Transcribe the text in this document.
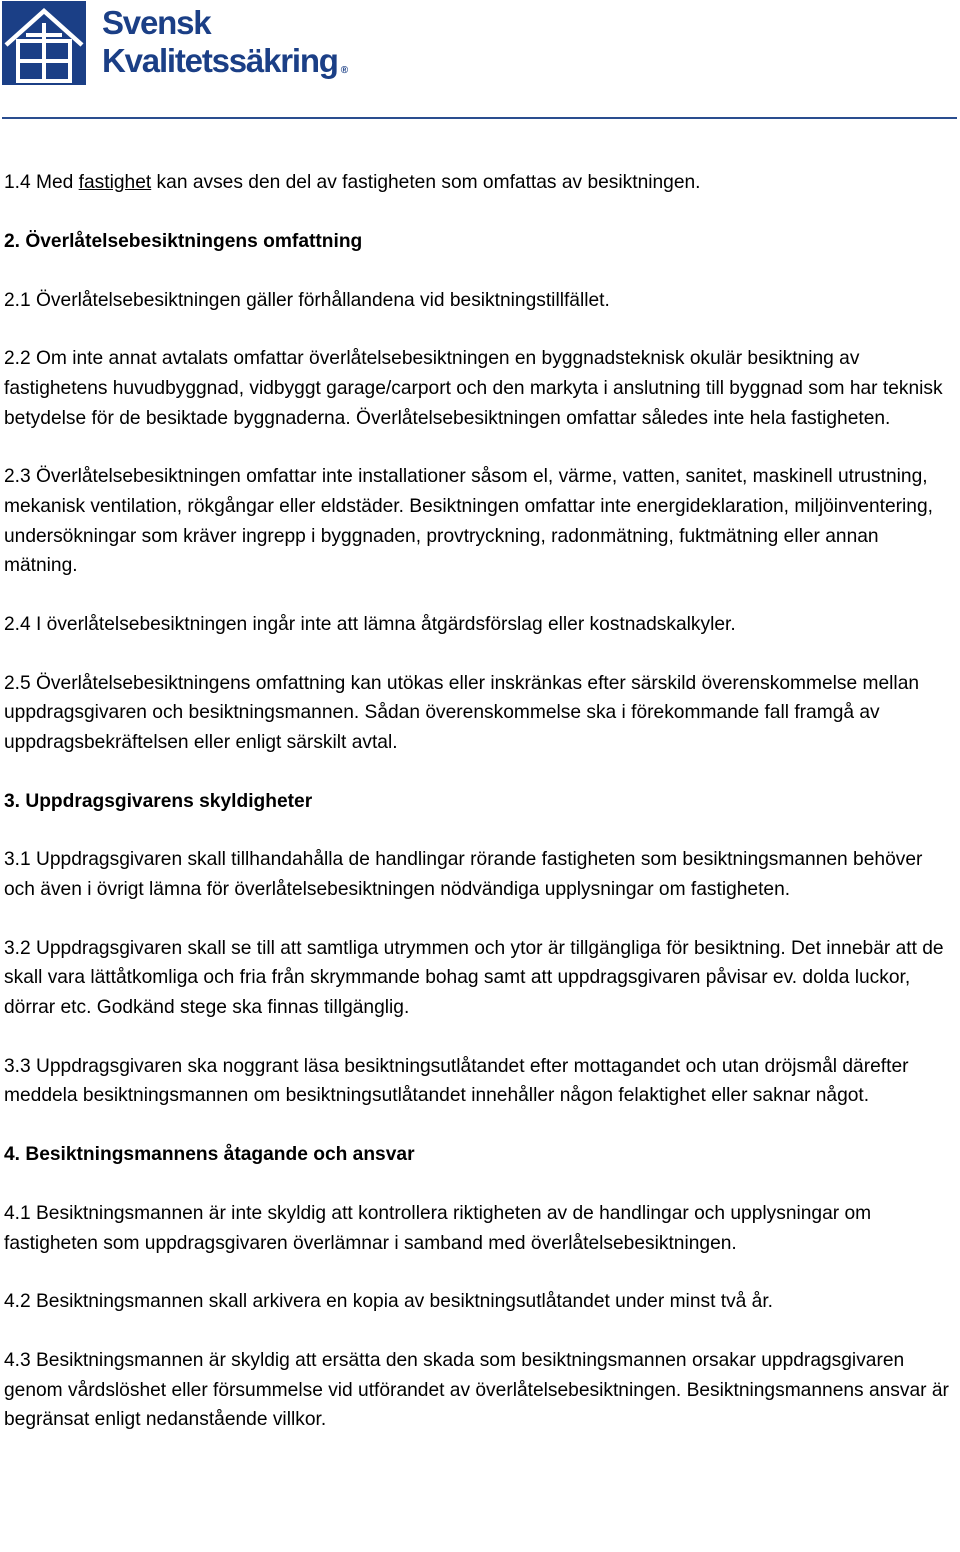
Svensk
Kvalitetssäkring ®

1.4 Med fastighet kan avses den del av fastigheten som omfattas av besiktningen.

2. Överlåtelsebesiktningens omfattning

2.1 Överlåtelsebesiktningen gäller förhållandena vid besiktningstillfället.

2.2 Om inte annat avtalats omfattar överlåtelsebesiktningen en byggnadsteknisk okulär besiktning av fastighetens huvudbyggnad, vidbyggt garage/carport och den markyta i anslutning till byggnad som har teknisk betydelse för de besiktade byggnaderna. Överlåtelsebesiktningen omfattar således inte hela fastigheten.

2.3 Överlåtelsebesiktningen omfattar inte installationer såsom el, värme, vatten, sanitet, maskinell utrustning, mekanisk ventilation, rökgångar eller eldstäder. Besiktningen omfattar inte energideklaration, miljöinventering, undersökningar som kräver ingrepp i byggnaden, provtryckning, radonmätning, fuktmätning eller annan mätning.

2.4 I överlåtelsebesiktningen ingår inte att lämna åtgärdsförslag eller kostnadskalkyler.

2.5 Överlåtelsebesiktningens omfattning kan utökas eller inskränkas efter särskild överenskommelse mellan uppdragsgivaren och besiktningsmannen. Sådan överenskommelse ska i förekommande fall framgå av uppdragsbekräftelsen eller enligt särskilt avtal.

3. Uppdragsgivarens skyldigheter

3.1 Uppdragsgivaren skall tillhandahålla de handlingar rörande fastigheten som besiktningsmannen behöver och även i övrigt lämna för överlåtelsebesiktningen nödvändiga upplysningar om fastigheten.

3.2 Uppdragsgivaren skall se till att samtliga utrymmen och ytor är tillgängliga för besiktning. Det innebär att de skall vara lättåtkomliga och fria från skrymmande bohag samt att uppdragsgivaren påvisar ev. dolda luckor, dörrar etc. Godkänd stege ska finnas tillgänglig.

3.3 Uppdragsgivaren ska noggrant läsa besiktningsutlåtandet efter mottagandet och utan dröjsmål därefter meddela besiktningsmannen om besiktningsutlåtandet innehåller någon felaktighet eller saknar något.

4. Besiktningsmannens åtagande och ansvar

4.1 Besiktningsmannen är inte skyldig att kontrollera riktigheten av de handlingar och upplysningar om fastigheten som uppdragsgivaren överlämnar i samband med överlåtelsebesiktningen.

4.2 Besiktningsmannen skall arkivera en kopia av besiktningsutlåtandet under minst två år.

4.3 Besiktningsmannen är skyldig att ersätta den skada som besiktningsmannen orsakar uppdragsgivaren genom vårdslöshet eller försummelse vid utförandet av överlåtelsebesiktningen. Besiktningsmannens ansvar är begränsat enligt nedanstående villkor.
